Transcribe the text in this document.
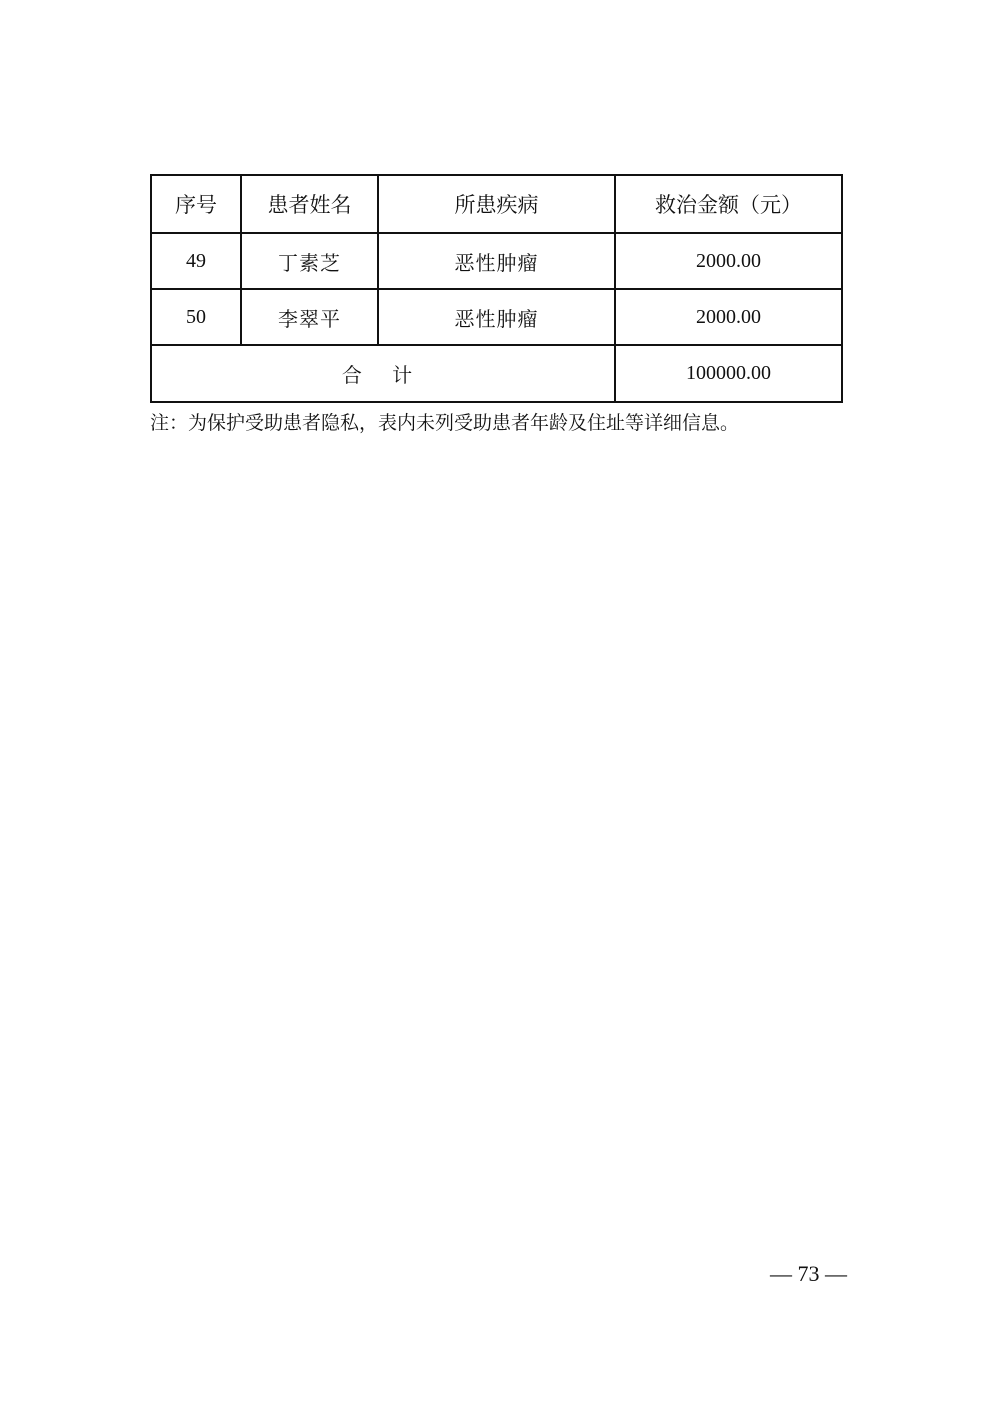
序号	患者姓名	所患疾病	救治金额（元）
49	丁素芝	恶性肿瘤	2000.00
50	李翠平	恶性肿瘤	2000.00
合 计			100000.00
注：为保护受助患者隐私，表内未列受助患者年龄及住址等详细信息。
— 73 —
